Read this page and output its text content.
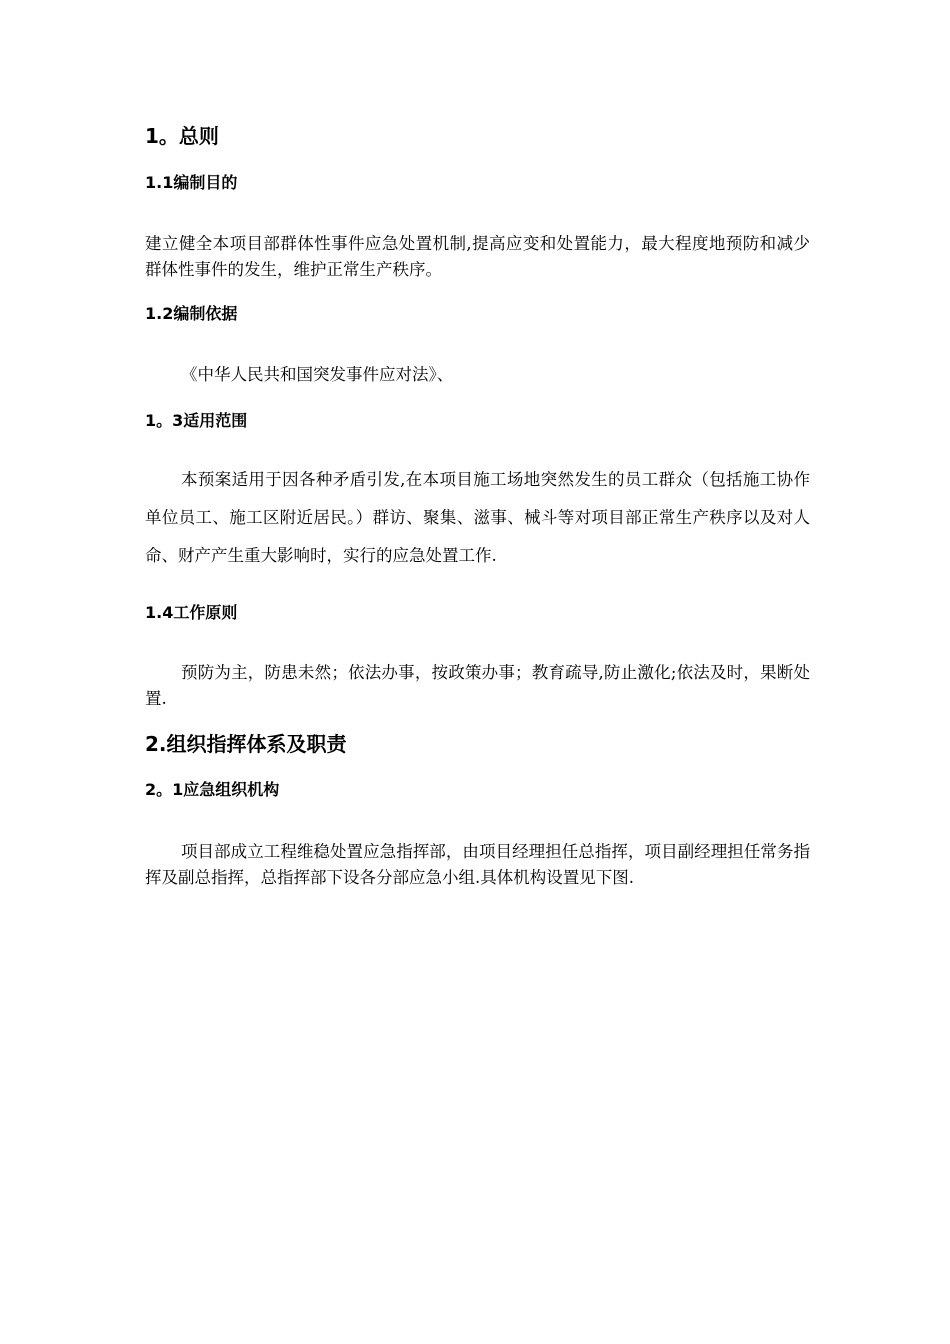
1。总则
1.1编制目的

建立健全本项目部群体性事件应急处置机制,提高应变和处置能力，最大程度地预防和减少群体性事件的发生，维护正常生产秩序。

1.2编制依据

《中华人民共和国突发事件应对法》、

1。3适用范围

本预案适用于因各种矛盾引发,在本项目施工场地突然发生的员工群众（包括施工协作单位员工、施工区附近居民。）群访、聚集、滋事、械斗等对项目部正常生产秩序以及对人命、财产产生重大影响时，实行的应急处置工作.

1.4工作原则

预防为主，防患未然；依法办事，按政策办事；教育疏导,防止激化;依法及时，果断处置.

2.组织指挥体系及职责
2。1应急组织机构

项目部成立工程维稳处置应急指挥部，由项目经理担任总指挥，项目副经理担任常务指挥及副总指挥，总指挥部下设各分部应急小组.具体机构设置见下图.
